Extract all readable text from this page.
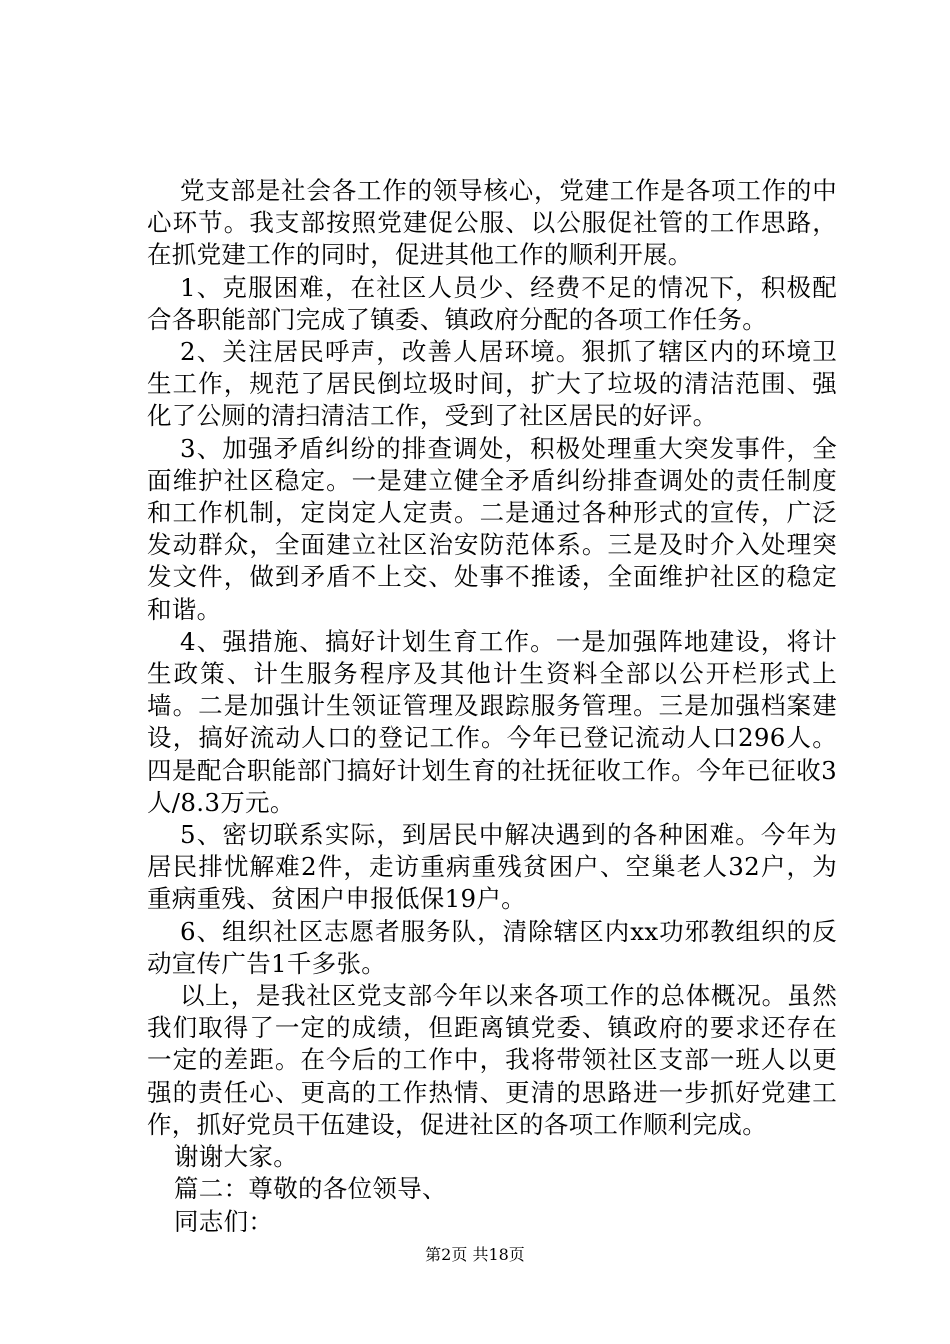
党支部是社会各工作的领导核心，党建工作是各项工作的中心环节。我支部按照党建促公服、以公服促社管的工作思路，在抓党建工作的同时，促进其他工作的顺利开展。

1、克服困难，在社区人员少、经费不足的情况下，积极配合各职能部门完成了镇委、镇政府分配的各项工作任务。

2、关注居民呼声，改善人居环境。狠抓了辖区内的环境卫生工作，规范了居民倒垃圾时间，扩大了垃圾的清洁范围、强化了公厕的清扫清洁工作，受到了社区居民的好评。

3、加强矛盾纠纷的排查调处，积极处理重大突发事件，全面维护社区稳定。一是建立健全矛盾纠纷排查调处的责任制度和工作机制，定岗定人定责。二是通过各种形式的宣传，广泛发动群众，全面建立社区治安防范体系。三是及时介入处理突发文件，做到矛盾不上交、处事不推诿，全面维护社区的稳定和谐。

4、强措施、搞好计划生育工作。一是加强阵地建设，将计生政策、计生服务程序及其他计生资料全部以公开栏形式上墙。二是加强计生领证管理及跟踪服务管理。三是加强档案建设，搞好流动人口的登记工作。今年已登记流动人口296人。四是配合职能部门搞好计划生育的社抚征收工作。今年已征收3人/8.3万元。

5、密切联系实际，到居民中解决遇到的各种困难。今年为居民排忧解难2件，走访重病重残贫困户、空巢老人32户，为重病重残、贫困户申报低保19户。

6、组织社区志愿者服务队，清除辖区内xx功邪教组织的反动宣传广告1千多张。

以上，是我社区党支部今年以来各项工作的总体概况。虽然我们取得了一定的成绩，但距离镇党委、镇政府的要求还存在一定的差距。在今后的工作中，我将带领社区支部一班人以更强的责任心、更高的工作热情、更清的思路进一步抓好党建工作，抓好党员干伍建设，促进社区的各项工作顺利完成。

谢谢大家。

篇二：尊敬的各位领导、

同志们：

第2页 共18页
